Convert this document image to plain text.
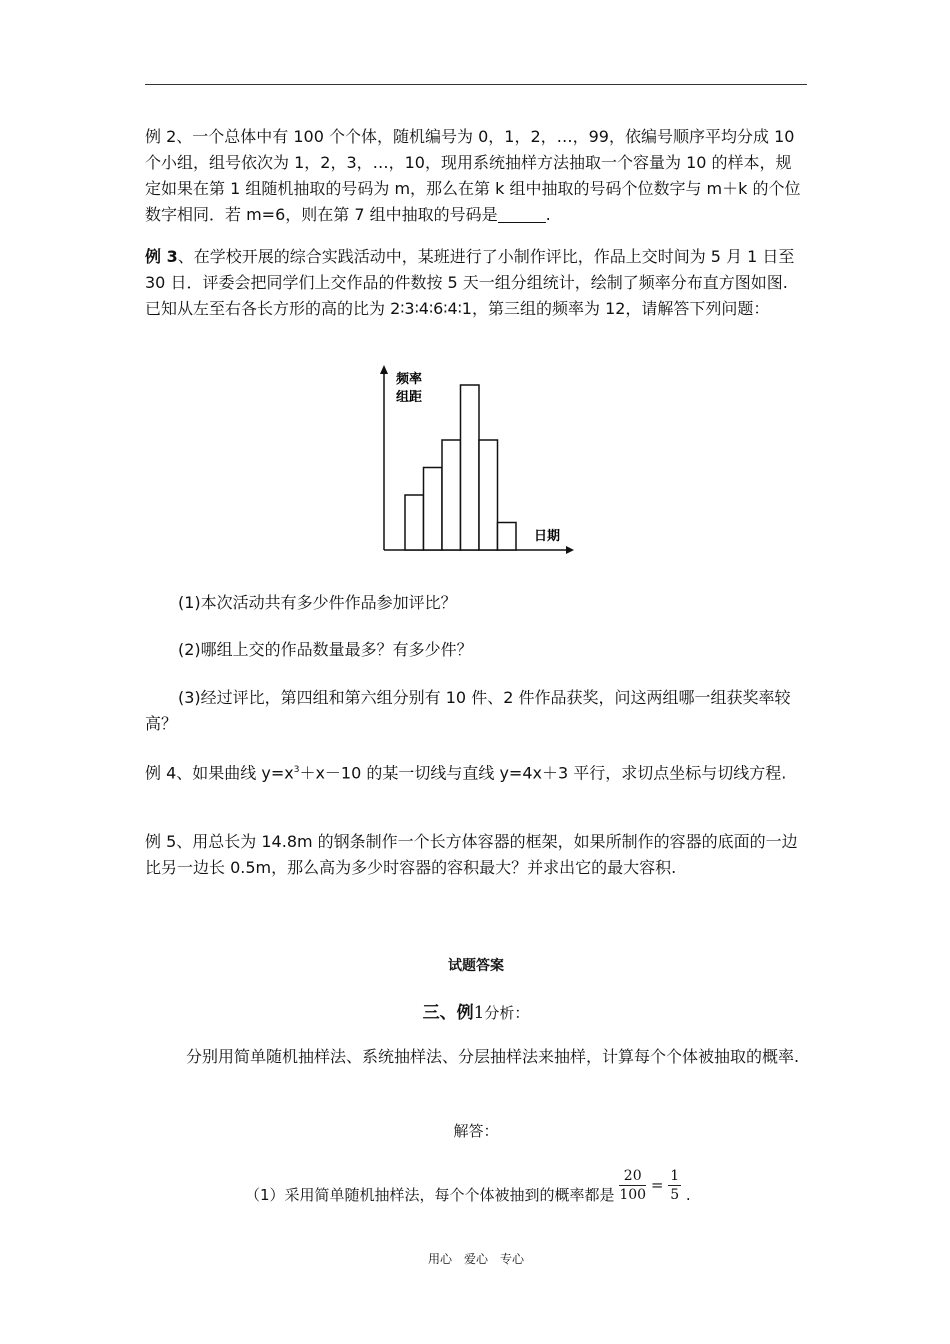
例 2、一个总体中有 100 个个体，随机编号为 0，1，2，…，99，依编号顺序平均分成 10 个小组，组号依次为 1，2，3，…，10，现用系统抽样方法抽取一个容量为 10 的样本，规定如果在第 1 组随机抽取的号码为 m，那么在第 k 组中抽取的号码个位数字与 m＋k 的个位数字相同．若 m=6，则在第 7 组中抽取的号码是	.

例 3、在学校开展的综合实践活动中，某班进行了小制作评比，作品上交时间为 5 月 1 日至 30 日．评委会把同学们上交作品的件数按 5 天一组分组统计，绘制了频率分布直方图如图. 已知从左至右各长方形的高的比为 2∶3∶4∶6∶4∶1，第三组的频率为 12，请解答下列问题：

频率
组距
日期

(1)本次活动共有多少件作品参加评比？

(2)哪组上交的作品数量最多？有多少件？

(3)经过评比，第四组和第六组分别有 10 件、2 件作品获奖，问这两组哪一组获奖率较高？

例 4、如果曲线 $y=x^3+x-10$ 的某一切线与直线 y=4x＋3 平行，求切点坐标与切线方程.

例 5、用总长为 14.8m 的钢条制作一个长方体容器的框架，如果所制作的容器的底面的一边比另一边长 0.5m，那么高为多少时容器的容积最大？并求出它的最大容积.

试题答案

三、例1分析：

分别用简单随机抽样法、系统抽样法、分层抽样法来抽样，计算每个个体被抽取的概率.

解答：

（1）采用简单随机抽样法，每个个体被抽到的概率都是 $\frac{20}{100} = \frac{1}{5}$ .
用心　爱心　专心
